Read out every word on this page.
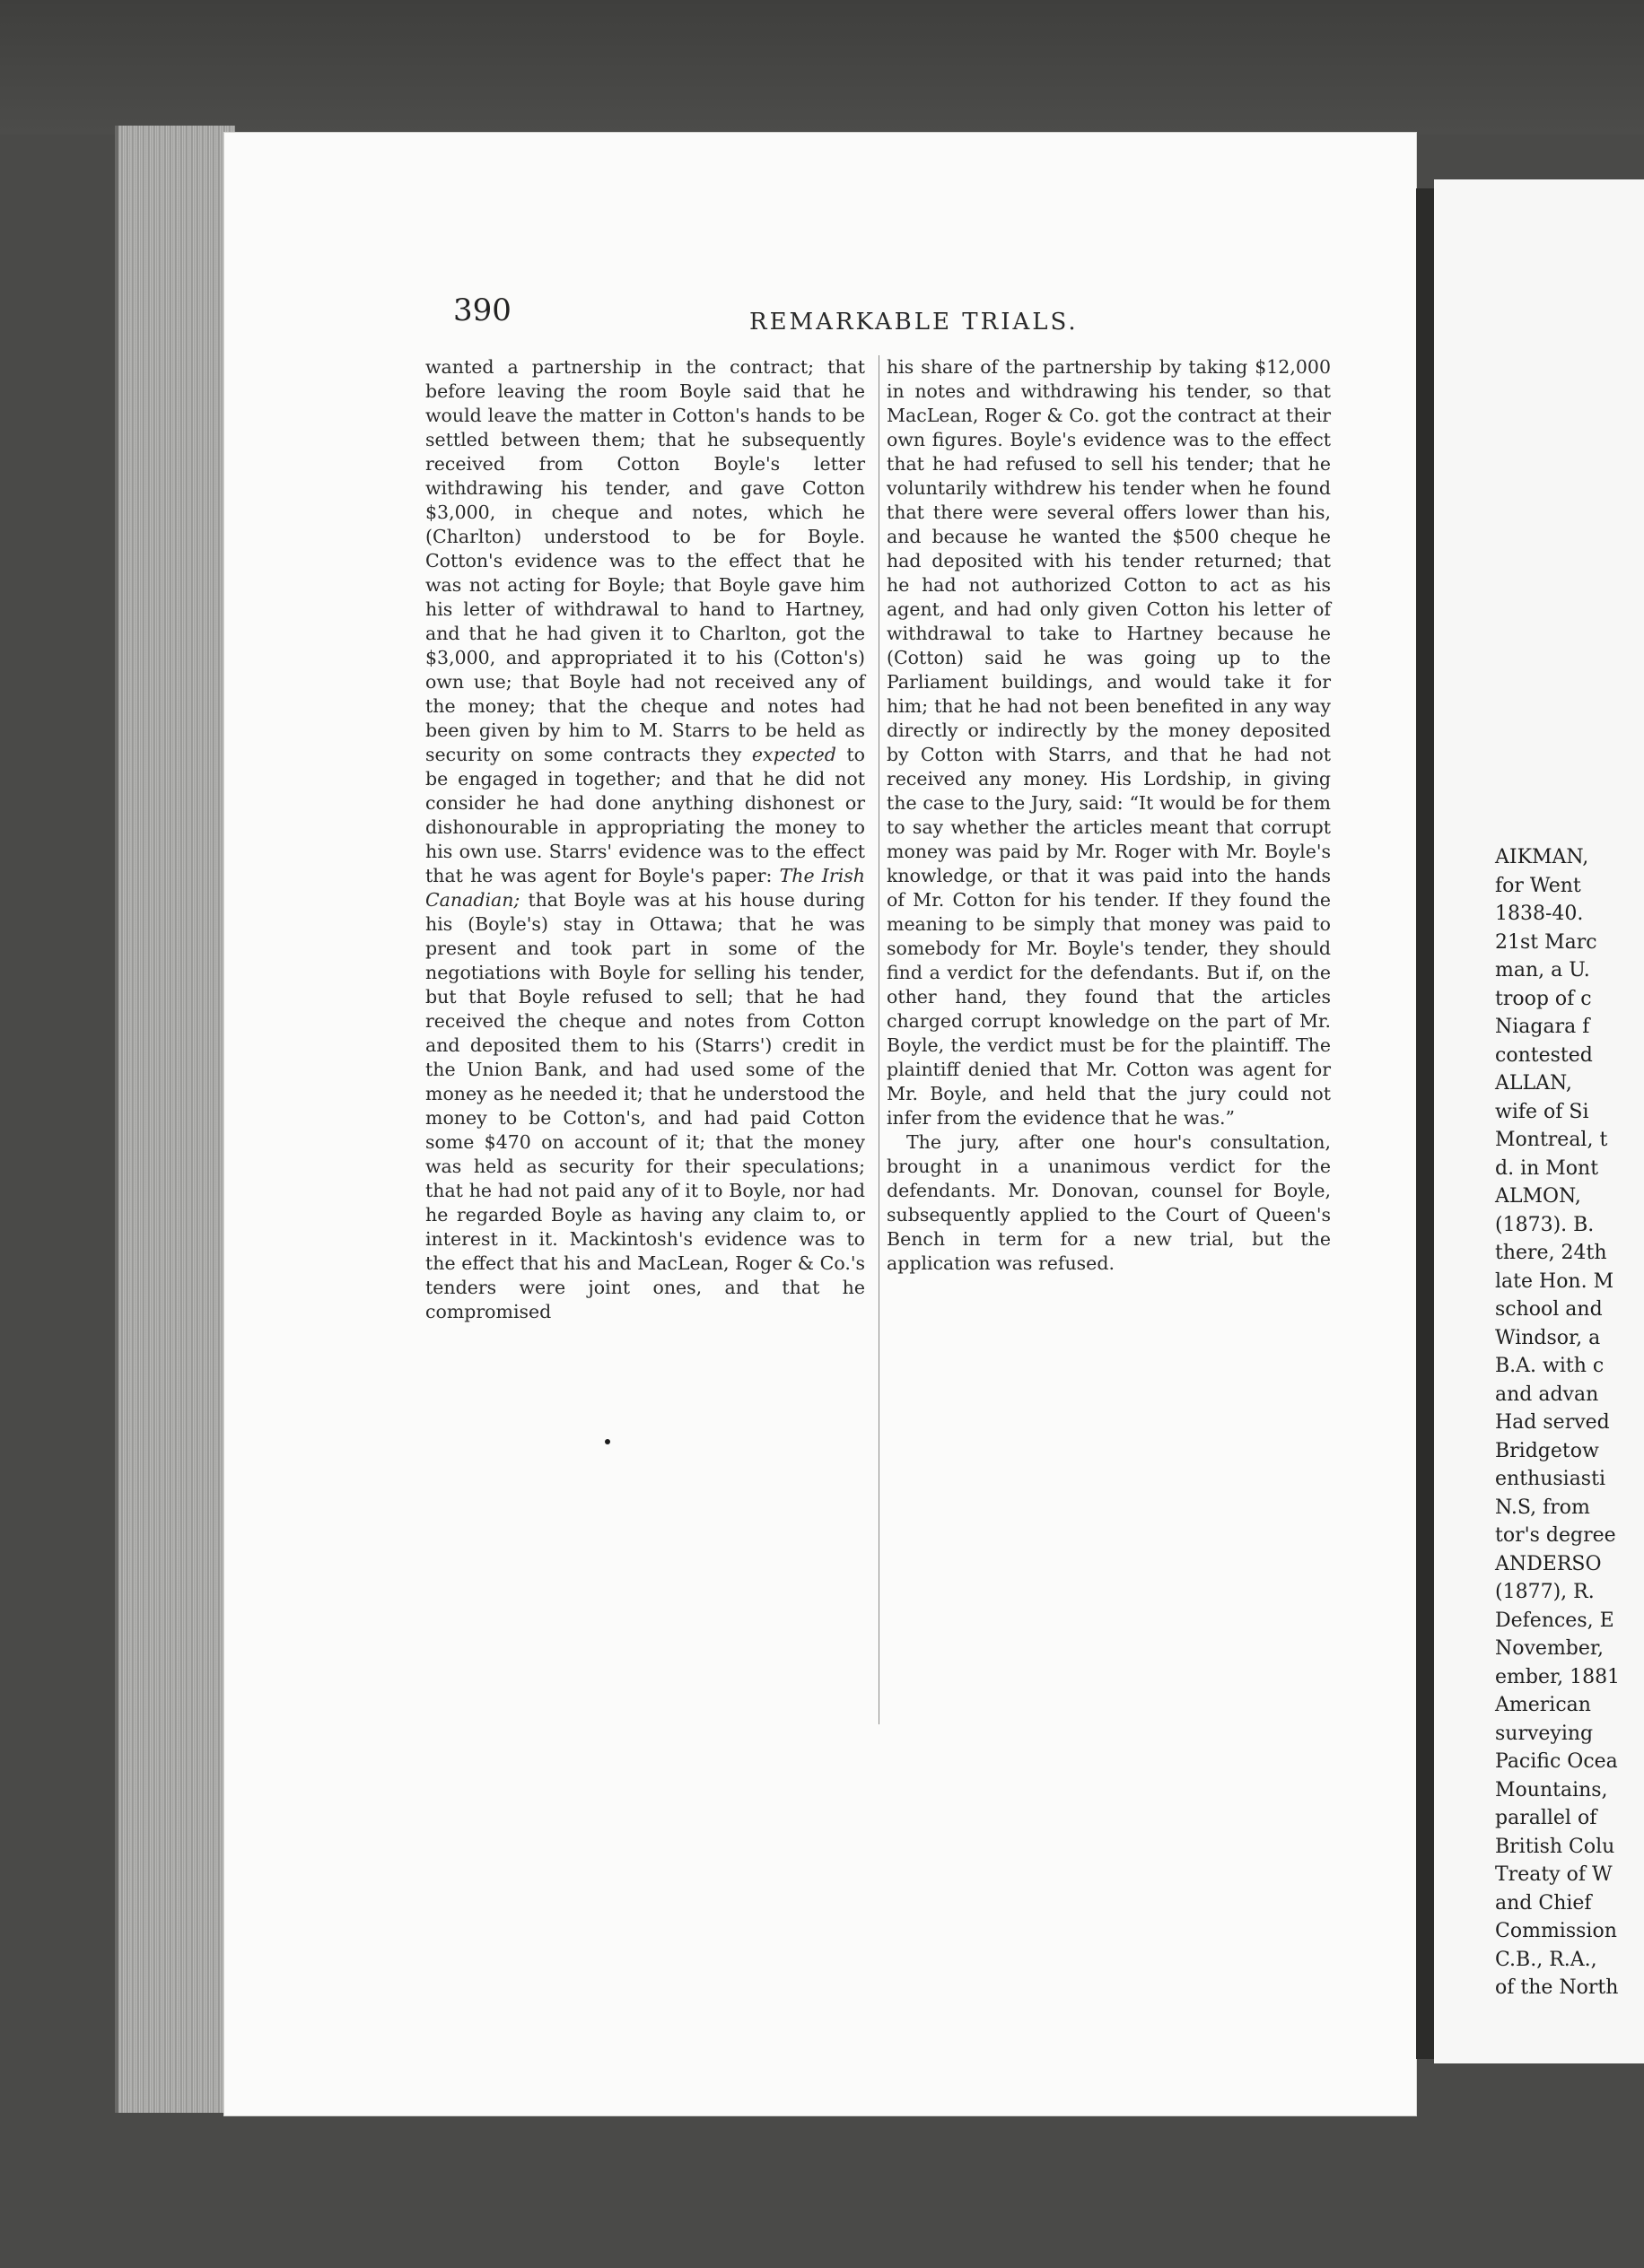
390	REMARKABLE TRIALS.

wanted a partnership in the contract; that before leaving the room Boyle said that he would leave the matter in Cotton's hands to be settled between them; that he subsequently received from Cotton Boyle's letter withdrawing his tender, and gave Cotton $3,000, in cheque and notes, which he (Charlton) understood to be for Boyle. Cotton's evidence was to the effect that he was not acting for Boyle; that Boyle gave him his letter of withdrawal to hand to Hartney, and that he had given it to Charlton, got the $3,000, and appropriated it to his (Cotton's) own use; that Boyle had not received any of the money; that the cheque and notes had been given by him to M. Starrs to be held as security on some contracts they expected to be engaged in together; and that he did not consider he had done anything dishonest or dishonourable in appropriating the money to his own use. Starrs' evidence was to the effect that he was agent for Boyle's paper: The Irish Canadian; that Boyle was at his house during his (Boyle's) stay in Ottawa; that he was present and took part in some of the negotiations with Boyle for selling his tender, but that Boyle refused to sell; that he had received the cheque and notes from Cotton and deposited them to his (Starrs') credit in the Union Bank, and had used some of the money as he needed it; that he understood the money to be Cotton's, and had paid Cotton some $470 on account of it; that the money was held as security for their speculations; that he had not paid any of it to Boyle, nor had he regarded Boyle as having any claim to, or interest in it. Mackintosh's evidence was to the effect that his and MacLean, Roger & Co.'s tenders were joint ones, and that he compromised

his share of the partnership by taking $12,000 in notes and withdrawing his tender, so that MacLean, Roger & Co. got the contract at their own figures. Boyle's evidence was to the effect that he had refused to sell his tender; that he voluntarily withdrew his tender when he found that there were several offers lower than his, and because he wanted the $500 cheque he had deposited with his tender returned; that he had not authorized Cotton to act as his agent, and had only given Cotton his letter of withdrawal to take to Hartney because he (Cotton) said he was going up to the Parliament buildings, and would take it for him; that he had not been benefited in any way directly or indirectly by the money deposited by Cotton with Starrs, and that he had not received any money. His Lordship, in giving the case to the Jury, said: “It would be for them to say whether the articles meant that corrupt money was paid by Mr. Roger with Mr. Boyle's knowledge, or that it was paid into the hands of Mr. Cotton for his tender. If they found the meaning to be simply that money was paid to somebody for Mr. Boyle's tender, they should find a verdict for the defendants. But if, on the other hand, they found that the articles charged corrupt knowledge on the part of Mr. Boyle, the verdict must be for the plaintiff. The plaintiff denied that Mr. Cotton was agent for Mr. Boyle, and held that the jury could not infer from the evidence that he was.”

The jury, after one hour's consultation, brought in a unanimous verdict for the defendants. Mr. Donovan, counsel for Boyle, subsequently applied to the Court of Queen's Bench in term for a new trial, but the application was refused.

AIKMAN,
for Went
1838-40.
21st Marc
man, a U.
troop of c
Niagara f
contested
ALLAN,
wife of Si
Montreal, t
d. in Mont
ALMON,
(1873). B.
there, 24th
late Hon. M
school and
Windsor, a
B.A. with c
and advan
Had served
Bridgetow
enthusiasti
N.S, from
tor's degree
ANDERSO
(1877), R.
Defences, E
November,
ember, 1881
American
surveying
Pacific Ocea
Mountains,
parallel of
British Colu
Treaty of W
and Chief
Commission
C.B., R.A.,
of the North
